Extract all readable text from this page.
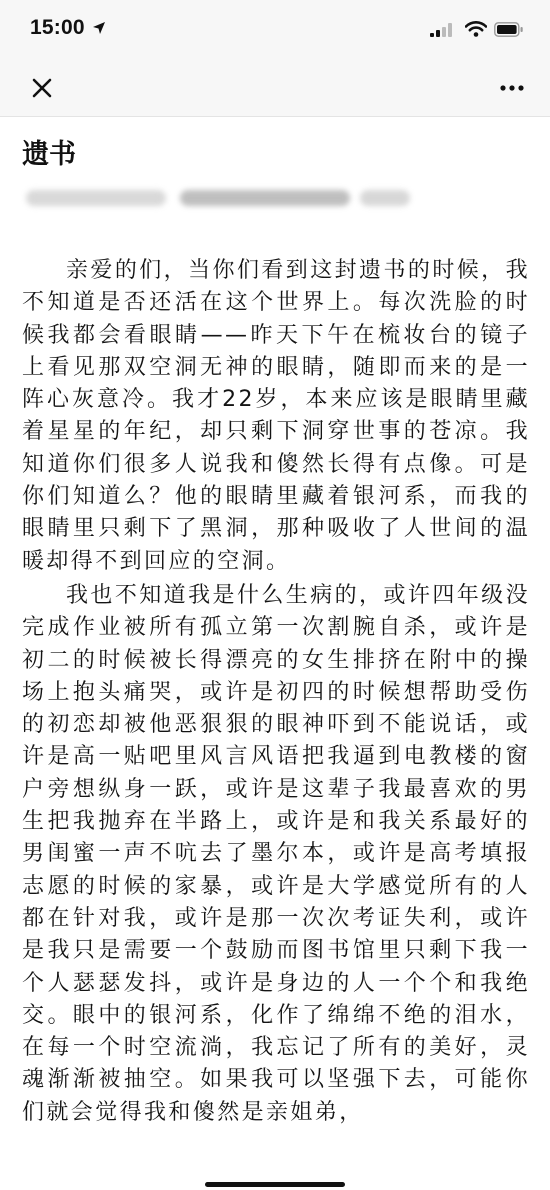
15:00
遗书

亲爱的们，当你们看到这封遗书的时候，我不知道是否还活在这个世界上。每次洗脸的时候我都会看眼睛——昨天下午在梳妆台的镜子上看见那双空洞无神的眼睛，随即而来的是一阵心灰意冷。我才22岁，本来应该是眼睛里藏着星星的年纪，却只剩下洞穿世事的苍凉。我知道你们很多人说我和傻然长得有点像。可是你们知道么？他的眼睛里藏着银河系，而我的眼睛里只剩下了黑洞，那种吸收了人世间的温暖却得不到回应的空洞。

我也不知道我是什么生病的，或许四年级没完成作业被所有孤立第一次割腕自杀，或许是初二的时候被长得漂亮的女生排挤在附中的操场上抱头痛哭，或许是初四的时候想帮助受伤的初恋却被他恶狠狠的眼神吓到不能说话，或许是高一贴吧里风言风语把我逼到电教楼的窗户旁想纵身一跃，或许是这辈子我最喜欢的男生把我抛弃在半路上，或许是和我关系最好的男闺蜜一声不吭去了墨尔本，或许是高考填报志愿的时候的家暴，或许是大学感觉所有的人都在针对我，或许是那一次次考证失利，或许是我只是需要一个鼓励而图书馆里只剩下我一个人瑟瑟发抖，或许是身边的人一个个和我绝交。眼中的银河系，化作了绵绵不绝的泪水，在每一个时空流淌，我忘记了所有的美好，灵魂渐渐被抽空。如果我可以坚强下去，可能你们就会觉得我和傻然是亲姐弟，
